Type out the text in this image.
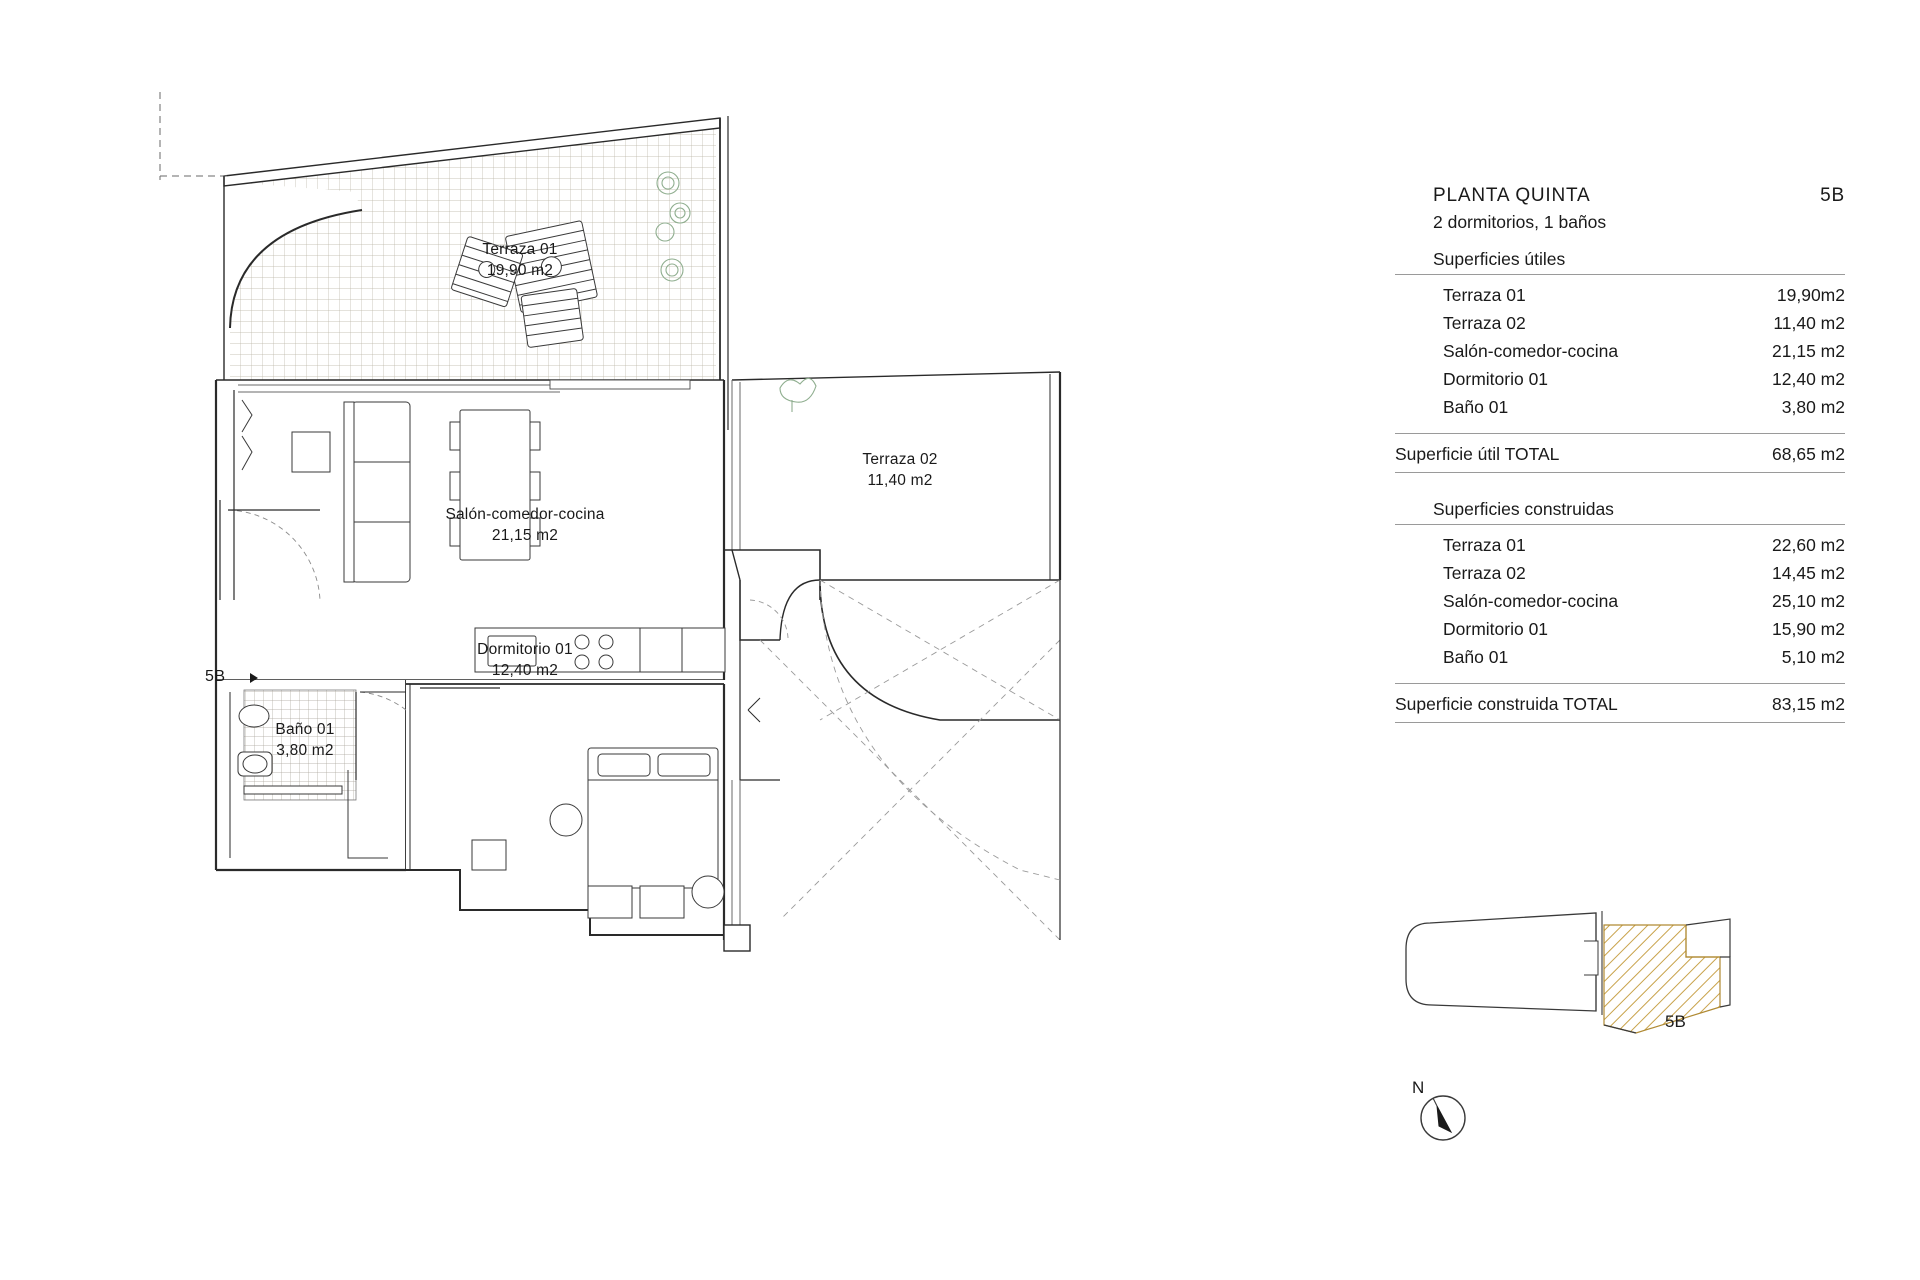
Terraza 01
19,90 m2
Salón-comedor-cocina
21,15 m2
Terraza 02
11,40 m2
Dormitorio 01
12,40 m2
Baño 01
3,80 m2
5B
PLANTA QUINTA	5B
2 dormitorios, 1 baños
Superficies útiles
Terraza 01	19,90m2
Terraza 02	11,40 m2
Salón-comedor-cocina	21,15 m2
Dormitorio 01	12,40 m2
Baño 01	3,80 m2
Superficie útil TOTAL	68,65 m2
Superficies construidas
Terraza 01	22,60 m2
Terraza 02	14,45 m2
Salón-comedor-cocina	25,10 m2
Dormitorio 01	15,90 m2
Baño 01	5,10 m2
Superficie construida TOTAL	83,15 m2
5B
N
